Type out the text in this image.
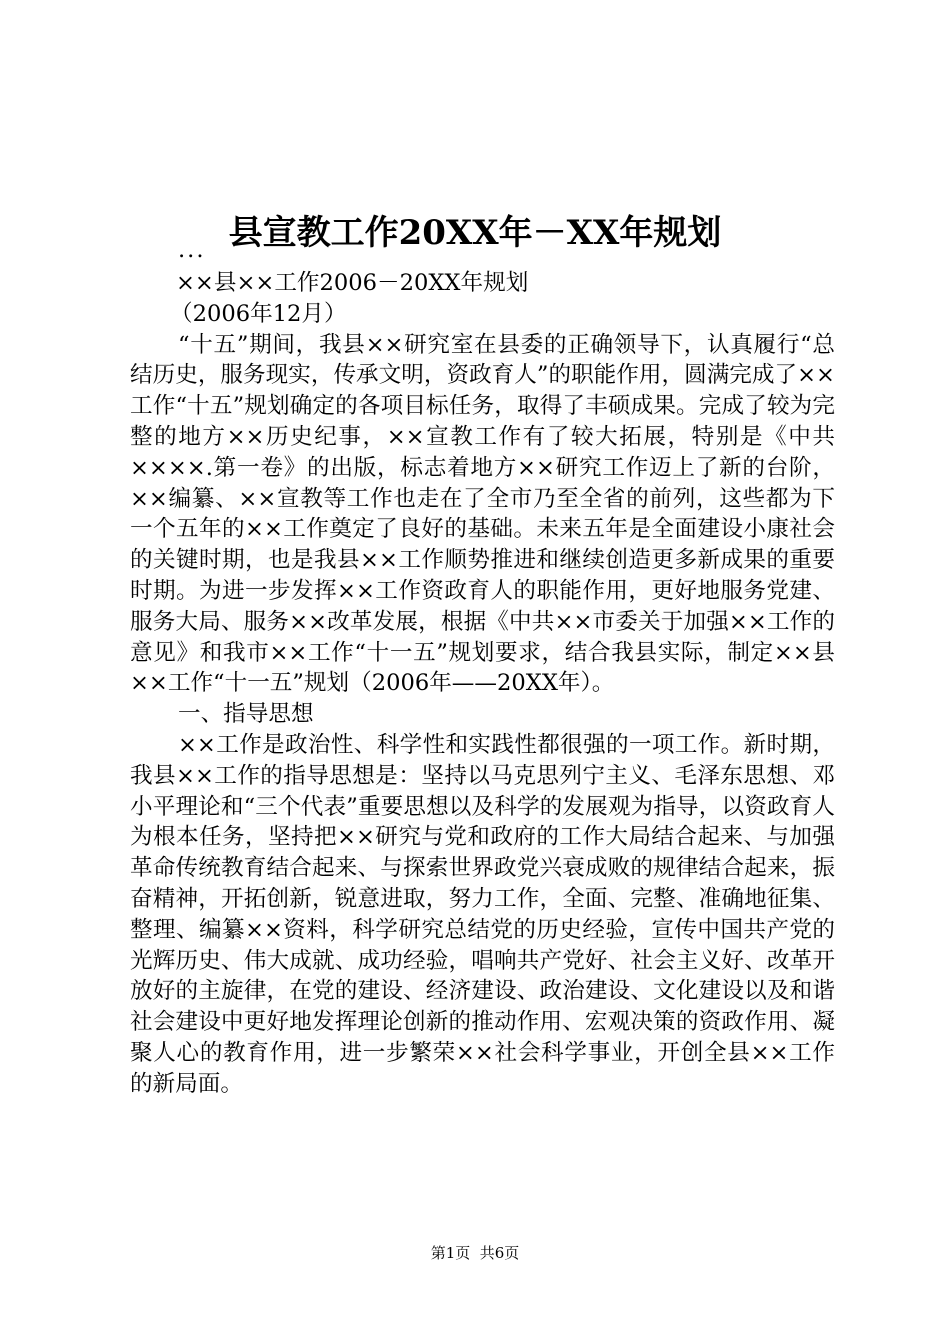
县宣教工作20XX年－XX年规划

...

××县××工作2006－20XX年规划

（2006年12月）

“十五”期间，我县××研究室在县委的正确领导下，认真履行“总结历史，服务现实，传承文明，资政育人”的职能作用，圆满完成了××工作“十五”规划确定的各项目标任务，取得了丰硕成果。完成了较为完整的地方××历史纪事，××宣教工作有了较大拓展，特别是《中共××××.第一卷》的出版，标志着地方××研究工作迈上了新的台阶，××编纂、××宣教等工作也走在了全市乃至全省的前列，这些都为下一个五年的××工作奠定了良好的基础。未来五年是全面建设小康社会的关键时期，也是我县××工作顺势推进和继续创造更多新成果的重要时期。为进一步发挥××工作资政育人的职能作用，更好地服务党建、服务大局、服务××改革发展，根据《中共××市委关于加强××工作的意见》和我市××工作“十一五”规划要求，结合我县实际，制定××县××工作“十一五”规划（2006年——20XX年）。

一、指导思想

××工作是政治性、科学性和实践性都很强的一项工作。新时期，我县××工作的指导思想是：坚持以马克思列宁主义、毛泽东思想、邓小平理论和“三个代表”重要思想以及科学的发展观为指导，以资政育人为根本任务，坚持把××研究与党和政府的工作大局结合起来、与加强革命传统教育结合起来、与探索世界政党兴衰成败的规律结合起来，振奋精神，开拓创新，锐意进取，努力工作，全面、完整、准确地征集、整理、编纂××资料，科学研究总结党的历史经验，宣传中国共产党的光辉历史、伟大成就、成功经验，唱响共产党好、社会主义好、改革开放好的主旋律，在党的建设、经济建设、政治建设、文化建设以及和谐社会建设中更好地发挥理论创新的推动作用、宏观决策的资政作用、凝聚人心的教育作用，进一步繁荣××社会科学事业，开创全县××工作的新局面。

第1页  共6页
